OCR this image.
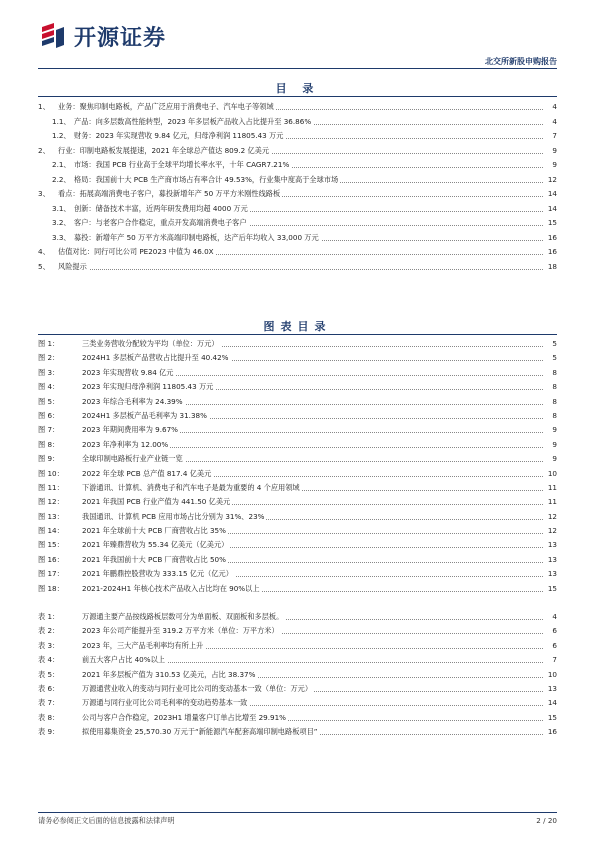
开源证券
北交所新股申购报告
目 录
1、 业务：聚焦印制电路板，产品广泛应用于消费电子、汽车电子等领域	4
1.1、 产品：向多层数高性能转型，2023 年多层板产品收入占比提升至 36.86%	4
1.2、 财务：2023 年实现营收 9.84 亿元，归母净利润 11805.43 万元	7
2、 行业：印制电路板发展提速，2021 年全球总产值达 809.2 亿美元	9
2.1、 市场：我国 PCB 行业高于全球平均增长率水平，十年 CAGR7.21%	9
2.2、 格局：我国前十大 PCB 生产商市场占有率合计 49.53%，行业集中度高于全球市场	12
3、 看点：拓展高端消费电子客户，募投新增年产 50 万平方米刚性线路板	14
3.1、 创新：储备技术丰富，近两年研发费用均超 4000 万元	14
3.2、 客户：与老客户合作稳定，重点开发高端消费电子客户	15
3.3、 募投：新增年产 50 万平方米高端印制电路板，达产后年均收入 33,000 万元	16
4、 估值对比：同行可比公司 PE2023 中值为 46.0X	16
5、 风险提示	18
图表目录
图 1：	三类业务营收分配较为平均（单位：万元）	5
图 2：	2024H1 多层板产品营收占比提升至 40.42%	5
图 3：	2023 年实现营收 9.84 亿元	8
图 4：	2023 年实现归母净利润 11805.43 万元	8
图 5：	2023 年综合毛利率为 24.39%	8
图 6：	2024H1 多层板产品毛利率为 31.38%	8
图 7：	2023 年期间费用率为 9.67%	9
图 8：	2023 年净利率为 12.00%	9
图 9：	全球印制电路板行业产业链一览	9
图 10：	2022 年全球 PCB 总产值 817.4 亿美元	10
图 11：	下游通讯、计算机、消费电子和汽车电子是最为重要的 4 个应用领域	11
图 12：	2021 年我国 PCB 行业产值为 441.50 亿美元	11
图 13：	我国通讯、计算机 PCB 应用市场占比分别为 31%、23%	12
图 14：	2021 年全球前十大 PCB 厂商营收占比 35%	12
图 15：	2021 年臻鼎营收为 55.34 亿美元（亿美元）	13
图 16：	2021 年我国前十大 PCB 厂商营收占比 50%	13
图 17：	2021 年鹏鼎控股营收为 333.15 亿元（亿元）	13
图 18：	2021-2024H1 年核心技术产品收入占比均在 90%以上	15
表 1：	万源通主要产品按线路板层数可分为单面板、双面板和多层板。	4
表 2：	2023 年公司产能提升至 319.2 万平方米（单位：万平方米）	6
表 3：	2023 年，三大产品毛利率均有所上升	6
表 4：	前五大客户占比 40%以上	7
表 5：	2021 年多层板产值为 310.53 亿美元，占比 38.37%	10
表 6：	万源通营业收入的变动与同行业可比公司的变动基本一致（单位：万元）	13
表 7：	万源通与同行业可比公司毛利率的变动趋势基本一致	14
表 8：	公司与客户合作稳定，2023H1 增量客户订单占比增至 29.91%	15
表 9：	拟使用募集资金 25,570.30 万元于“新能源汽车配套高端印制电路板项目”	16
请务必参阅正文后面的信息披露和法律声明	2 / 20
